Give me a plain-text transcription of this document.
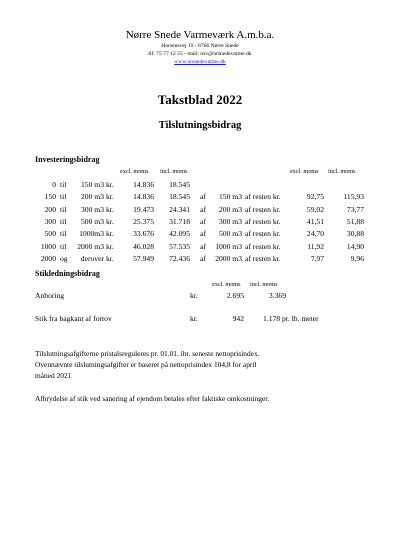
Nørre Snede Varmeværk A.m.b.a.
Horsensvej 19 - 8766 Nørre Snede
tlf. 75 77 12 55 - mail: nsv@nrsnedevarme.dk
www.nrsnedevarme.dk
Takstblad 2022
Tilslutningsbidrag
Investeringsbidrag
excl. moms incl. moms	excl. moms incl. moms
0 til	150 m3 kr.	14.836	18.545
150 til	200 m3 kr.	14.836	18.545 af	150 m3 af resten kr.	92,75	115,93
200 til	300 m3 kr.	19.473	24.341 af	200 m3 af resten kr.	59,02	73,77
300 til	500 m3 kr.	25.375	31.718 af	300 m3 af resten kr.	41,51	51,88
500 til	1000m3 kr.	33.676	42.095 af	500 m3 af resten kr.	24,70	30,88
1000 til	2000 m3 kr.	46.028	57.535 af	1000 m3 af resten kr.	11,92	14,90
2000 og	derover kr.	57.949	72.436 af	2000 m3 af resten kr.	7,97	9,96
Stikledningsbidrag
excl. moms incl. moms
Anboring	kr.	2.695	3.369
Stik fra bagkant af fortov	kr.	942	1.178 pr. lb. meter
Tilslutningsafgifterne pristalsreguleres pr. 01.01. iht. seneste nettoprisindex.
Ovennævnte tilslutningsafgifter er baseret på nettoprisindex 104,8 for april
måned 2021
Afbrydelse af stik ved sanering af ejendom betales efter faktiske omkostninger.
